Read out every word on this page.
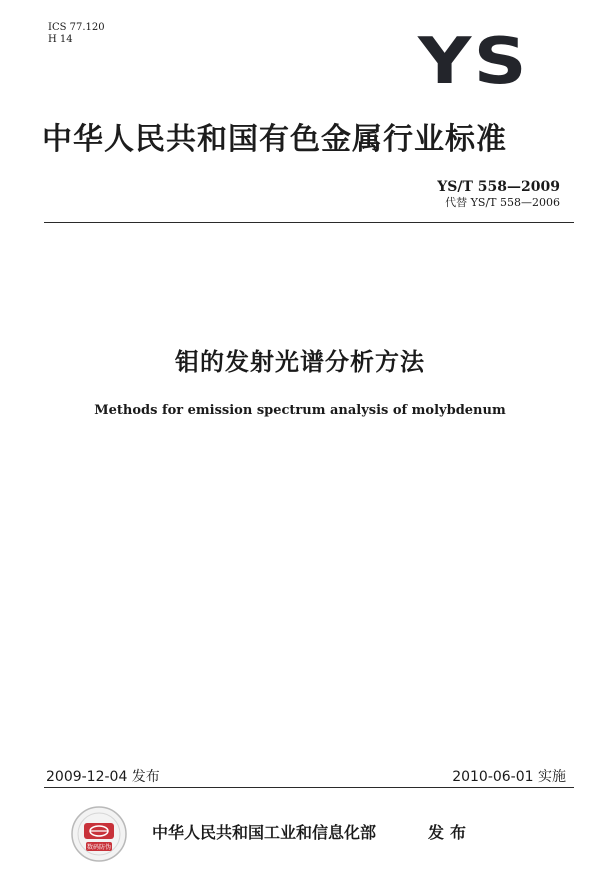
ICS 77.120
H 14	YS
中华人民共和国有色金属行业标准
YS/T 558—2009
代替 YS/T 558—2006
钼的发射光谱分析方法
Methods for emission spectrum analysis of molybdenum
2009-12-04 发布	2010-06-01 实施
数码防伪
中华人民共和国工业和信息化部	发布
